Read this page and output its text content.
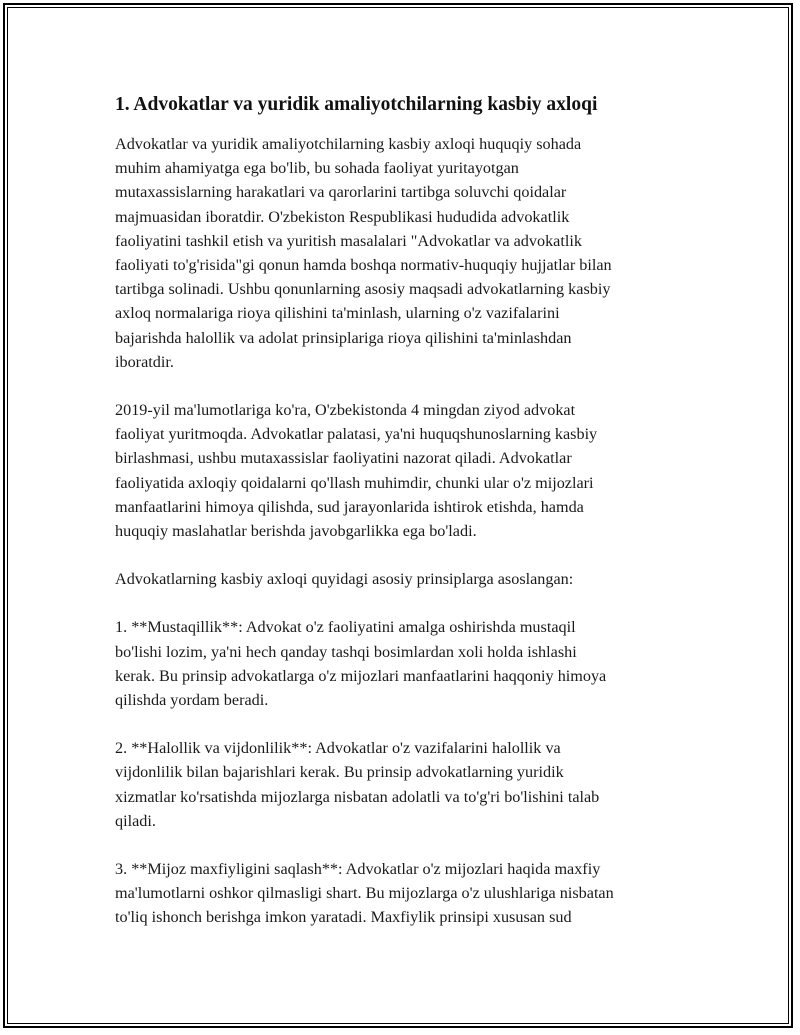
1. Advokatlar va yuridik amaliyotchilarning kasbiy axloqi

Advokatlar va yuridik amaliyotchilarning kasbiy axloqi huquqiy sohada
muhim ahamiyatga ega bo'lib, bu sohada faoliyat yuritayotgan
mutaxassislarning harakatlari va qarorlarini tartibga soluvchi qoidalar
majmuasidan iboratdir. O'zbekiston Respublikasi hududida advokatlik
faoliyatini tashkil etish va yuritish masalalari "Advokatlar va advokatlik
faoliyati to'g'risida"gi qonun hamda boshqa normativ-huquqiy hujjatlar bilan
tartibga solinadi. Ushbu qonunlarning asosiy maqsadi advokatlarning kasbiy
axloq normalariga rioya qilishini ta'minlash, ularning o'z vazifalarini
bajarishda halollik va adolat prinsiplariga rioya qilishini ta'minlashdan
iboratdir.

2019-yil ma'lumotlariga ko'ra, O'zbekistonda 4 mingdan ziyod advokat
faoliyat yuritmoqda. Advokatlar palatasi, ya'ni huquqshunoslarning kasbiy
birlashmasi, ushbu mutaxassislar faoliyatini nazorat qiladi. Advokatlar
faoliyatida axloqiy qoidalarni qo'llash muhimdir, chunki ular o'z mijozlari
manfaatlarini himoya qilishda, sud jarayonlarida ishtirok etishda, hamda
huquqiy maslahatlar berishda javobgarlikka ega bo'ladi.

Advokatlarning kasbiy axloqi quyidagi asosiy prinsiplarga asoslangan:

1. **Mustaqillik**: Advokat o'z faoliyatini amalga oshirishda mustaqil
bo'lishi lozim, ya'ni hech qanday tashqi bosimlardan xoli holda ishlashi
kerak. Bu prinsip advokatlarga o'z mijozlari manfaatlarini haqqoniy himoya
qilishda yordam beradi.

2. **Halollik va vijdonlilik**: Advokatlar o'z vazifalarini halollik va
vijdonlilik bilan bajarishlari kerak. Bu prinsip advokatlarning yuridik
xizmatlar ko'rsatishda mijozlarga nisbatan adolatli va to'g'ri bo'lishini talab
qiladi.

3. **Mijoz maxfiyligini saqlash**: Advokatlar o'z mijozlari haqida maxfiy
ma'lumotlarni oshkor qilmasligi shart. Bu mijozlarga o'z ulushlariga nisbatan
to'liq ishonch berishga imkon yaratadi. Maxfiylik prinsipi xususan sud
